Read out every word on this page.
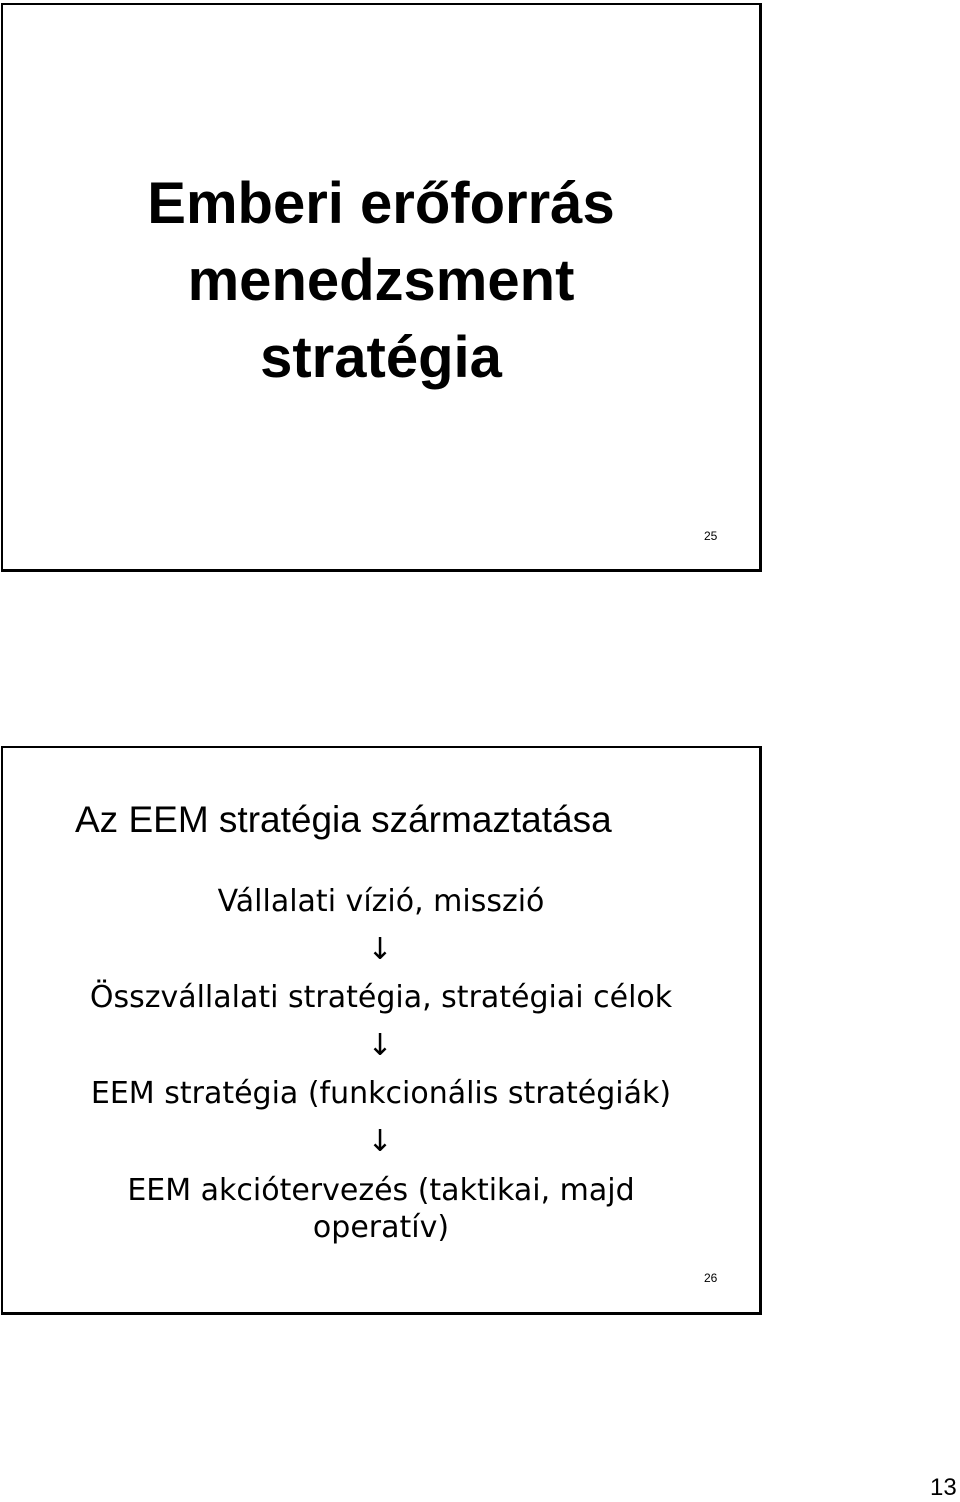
Emberi erőforrás
menedzsment
stratégia
25
Az EEM stratégia származtatása
Vállalati vízió, misszió
↓
Összvállalati stratégia, stratégiai célok
↓
EEM stratégia (funkcionális stratégiák)
↓
EEM akciótervezés (taktikai, majd operatív)
26
13
